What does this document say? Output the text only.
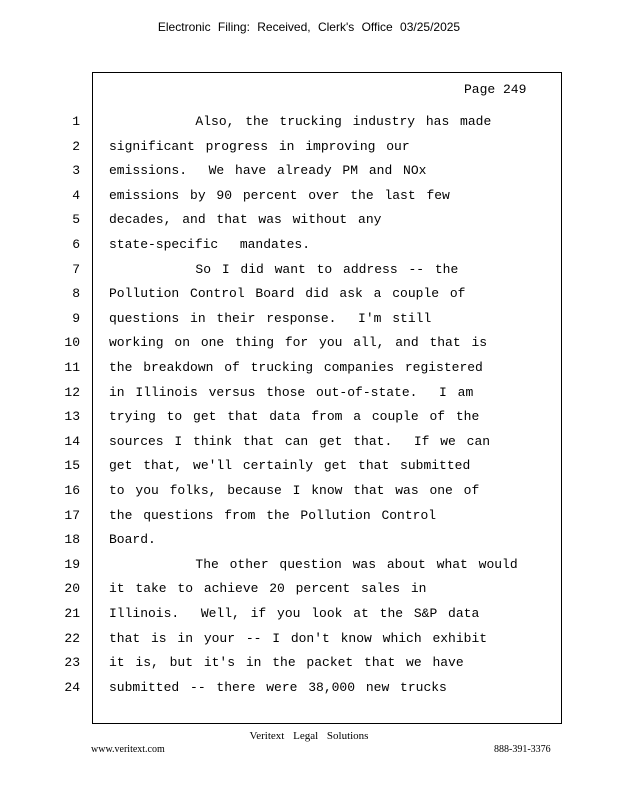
Electronic Filing: Received, Clerk's Office 03/25/2025
Page 249
1 Also, the trucking industry has made
2 significant progress in improving our
3 emissions.  We have already PM and NOx
4 emissions by 90 percent over the last few
5 decades, and that was without any
6 state-specific  mandates.
7 So I did want to address -- the
8 Pollution Control Board did ask a couple of
9 questions in their response.  I'm still
10 working on one thing for you all, and that is
11 the breakdown of trucking companies registered
12 in Illinois versus those out-of-state.  I am
13 trying to get that data from a couple of the
14 sources I think that can get that.  If we can
15 get that, we'll certainly get that submitted
16 to you folks, because I know that was one of
17 the questions from the Pollution Control
18 Board.
19 The other question was about what would
20 it take to achieve 20 percent sales in
21 Illinois.  Well, if you look at the S&P data
22 that is in your -- I don't know which exhibit
23 it is, but it's in the packet that we have
24 submitted -- there were 38,000 new trucks
Veritext Legal Solutions
www.veritext.com	888-391-3376
